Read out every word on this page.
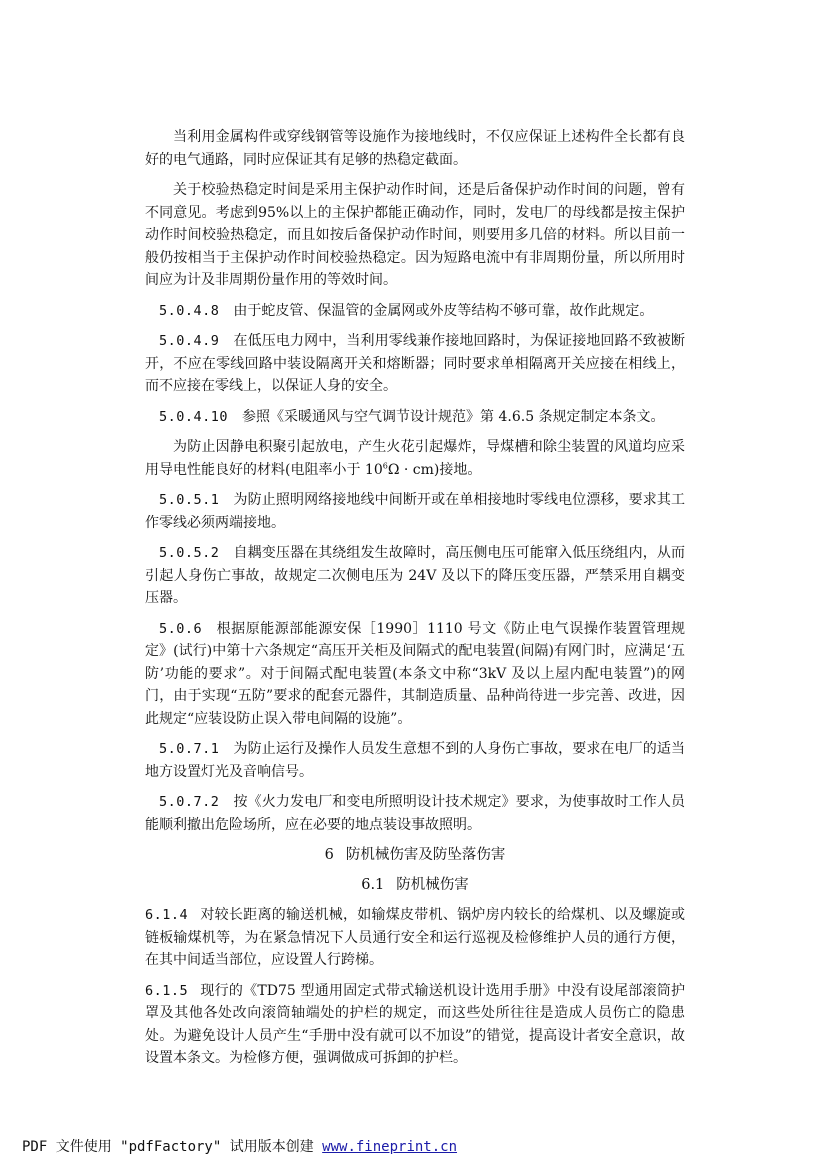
当利用金属构件或穿线钢管等设施作为接地线时，不仅应保证上述构件全长都有良好的电气通路，同时应保证其有足够的热稳定截面。

关于校验热稳定时间是采用主保护动作时间，还是后备保护动作时间的问题，曾有不同意见。考虑到95%以上的主保护都能正确动作，同时，发电厂的母线都是按主保护动作时间校验热稳定，而且如按后备保护动作时间，则要用多几倍的材料。所以目前一般仍按相当于主保护动作时间校验热稳定。因为短路电流中有非周期份量，所以所用时间应为计及非周期份量作用的等效时间。

5.0.4.8 由于蛇皮管、保温管的金属网或外皮等结构不够可靠，故作此规定。

5.0.4.9 在低压电力网中，当利用零线兼作接地回路时，为保证接地回路不致被断开，不应在零线回路中装设隔离开关和熔断器；同时要求单相隔离开关应接在相线上，而不应接在零线上，以保证人身的安全。

5.0.4.10 参照《采暖通风与空气调节设计规范》第 4.6.5 条规定制定本条文。

为防止因静电积聚引起放电，产生火花引起爆炸，导煤槽和除尘装置的风道均应采用导电性能良好的材料(电阻率小于 $10^6\Omega \cdot cm$)接地。

5.0.5.1 为防止照明网络接地线中间断开或在单相接地时零线电位漂移，要求其工作零线必须两端接地。

5.0.5.2 自耦变压器在其绕组发生故障时，高压侧电压可能窜入低压绕组内，从而引起人身伤亡事故，故规定二次侧电压为 24V 及以下的降压变压器，严禁采用自耦变压器。

5.0.6 根据原能源部能源安保［1990］1110 号文《防止电气误操作装置管理规定》(试行)中第十六条规定“高压开关柜及间隔式的配电装置(间隔)有网门时，应满足‘五防’功能的要求”。对于间隔式配电装置(本条文中称“3kV 及以上屋内配电装置”)的网门，由于实现“五防”要求的配套元器件，其制造质量、品种尚待进一步完善、改进，因此规定“应装设防止误入带电间隔的设施”。

5.0.7.1 为防止运行及操作人员发生意想不到的人身伤亡事故，要求在电厂的适当地方设置灯光及音响信号。

5.0.7.2 按《火力发电厂和变电所照明设计技术规定》要求，为使事故时工作人员能顺利撤出危险场所，应在必要的地点装设事故照明。

6 防机械伤害及防坠落伤害
6.1 防机械伤害

6.1.4 对较长距离的输送机械，如输煤皮带机、锅炉房内较长的给煤机、以及螺旋或链板输煤机等，为在紧急情况下人员通行安全和运行巡视及检修维护人员的通行方便，在其中间适当部位，应设置人行跨梯。

6.1.5 现行的《TD75 型通用固定式带式输送机设计选用手册》中没有设尾部滚筒护罩及其他各处改向滚筒轴端处的护栏的规定，而这些处所往往是造成人员伤亡的隐患处。为避免设计人员产生“手册中没有就可以不加设”的错觉，提高设计者安全意识，故设置本条文。为检修方便，强调做成可拆卸的护栏。

PDF 文件使用 "pdfFactory" 试用版本创建 www.fineprint.cn
